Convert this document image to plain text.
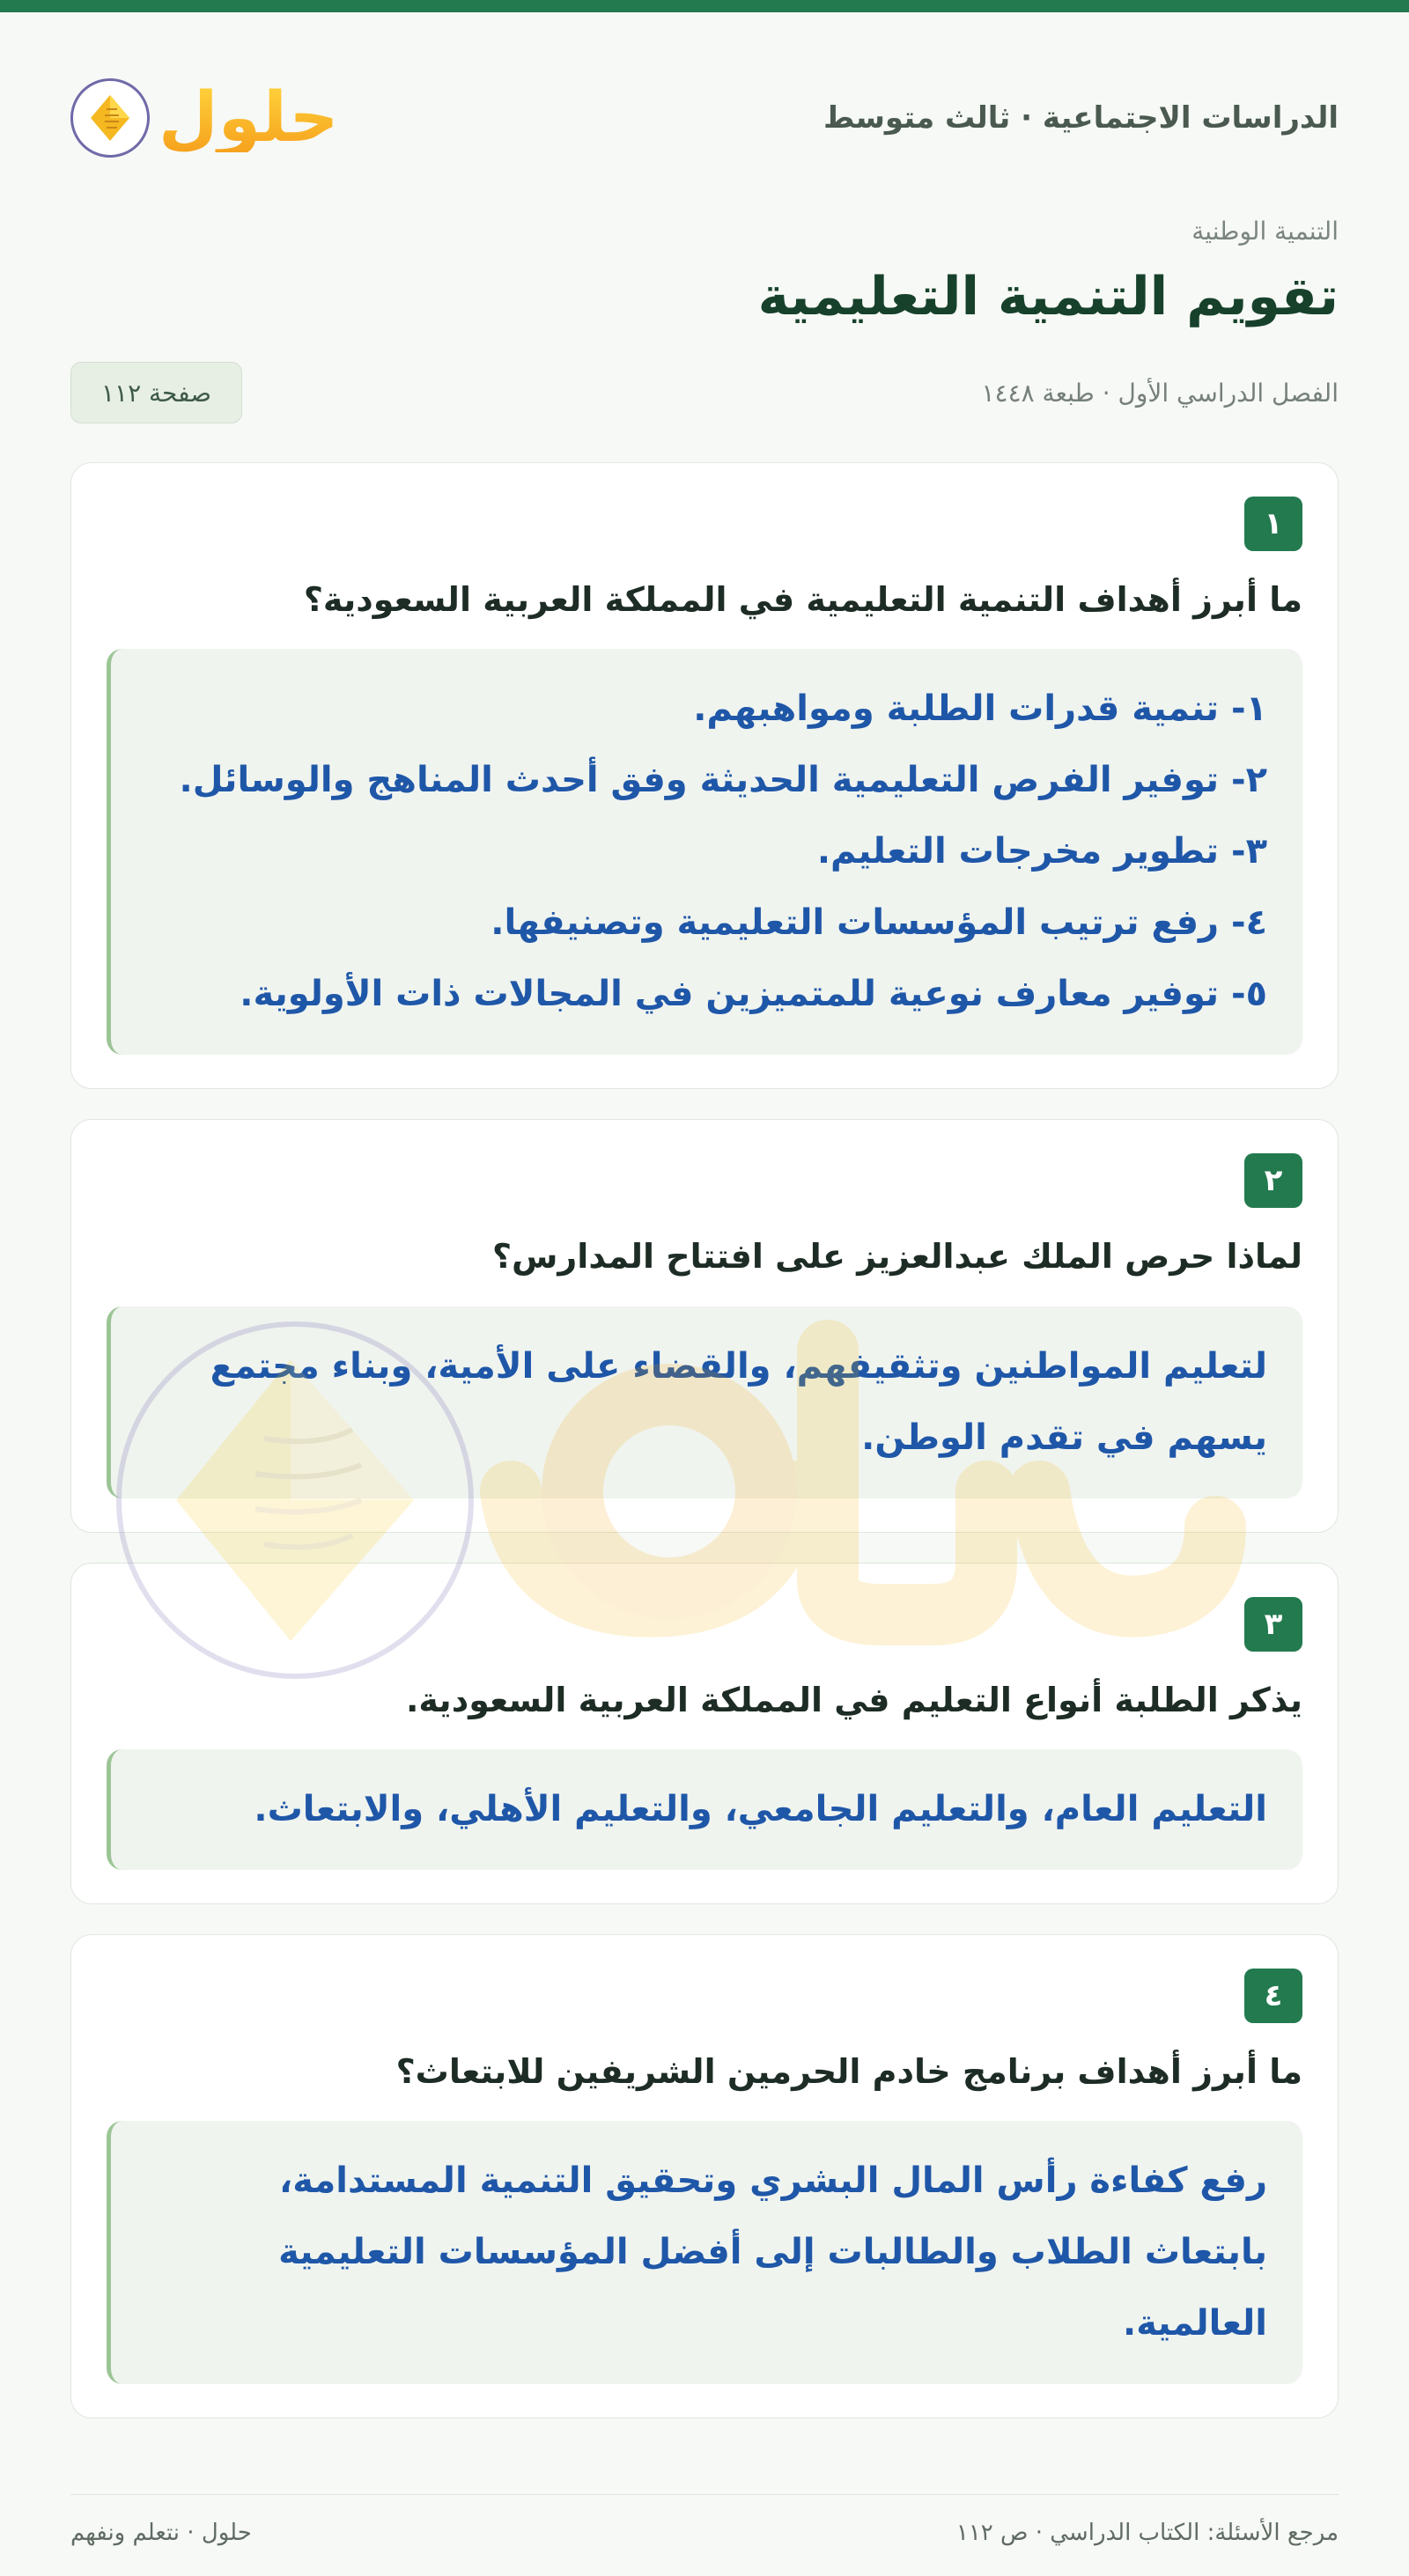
الدراسات الاجتماعية · ثالث متوسط
حلول
التنمية الوطنية
تقويم التنمية التعليمية
الفصل الدراسي الأول · طبعة ١٤٤٨
صفحة ١١٢
١
ما أبرز أهداف التنمية التعليمية في المملكة العربية السعودية؟
١- تنمية قدرات الطلبة ومواهبهم.
٢- توفير الفرص التعليمية الحديثة وفق أحدث المناهج والوسائل.
٣- تطوير مخرجات التعليم.
٤- رفع ترتيب المؤسسات التعليمية وتصنيفها.
٥- توفير معارف نوعية للمتميزين في المجالات ذات الأولوية.
٢
لماذا حرص الملك عبدالعزيز على افتتاح المدارس؟
لتعليم المواطنين وتثقيفهم، والقضاء على الأمية، وبناء مجتمع
يسهم في تقدم الوطن.
٣
يذكر الطلبة أنواع التعليم في المملكة العربية السعودية.
التعليم العام، والتعليم الجامعي، والتعليم الأهلي، والابتعاث.
٤
ما أبرز أهداف برنامج خادم الحرمين الشريفين للابتعاث؟
رفع كفاءة رأس المال البشري وتحقيق التنمية المستدامة،
بابتعاث الطلاب والطالبات إلى أفضل المؤسسات التعليمية
العالمية.
مرجع الأسئلة: الكتاب الدراسي · ص ١١٢
حلول · نتعلم ونفهم
